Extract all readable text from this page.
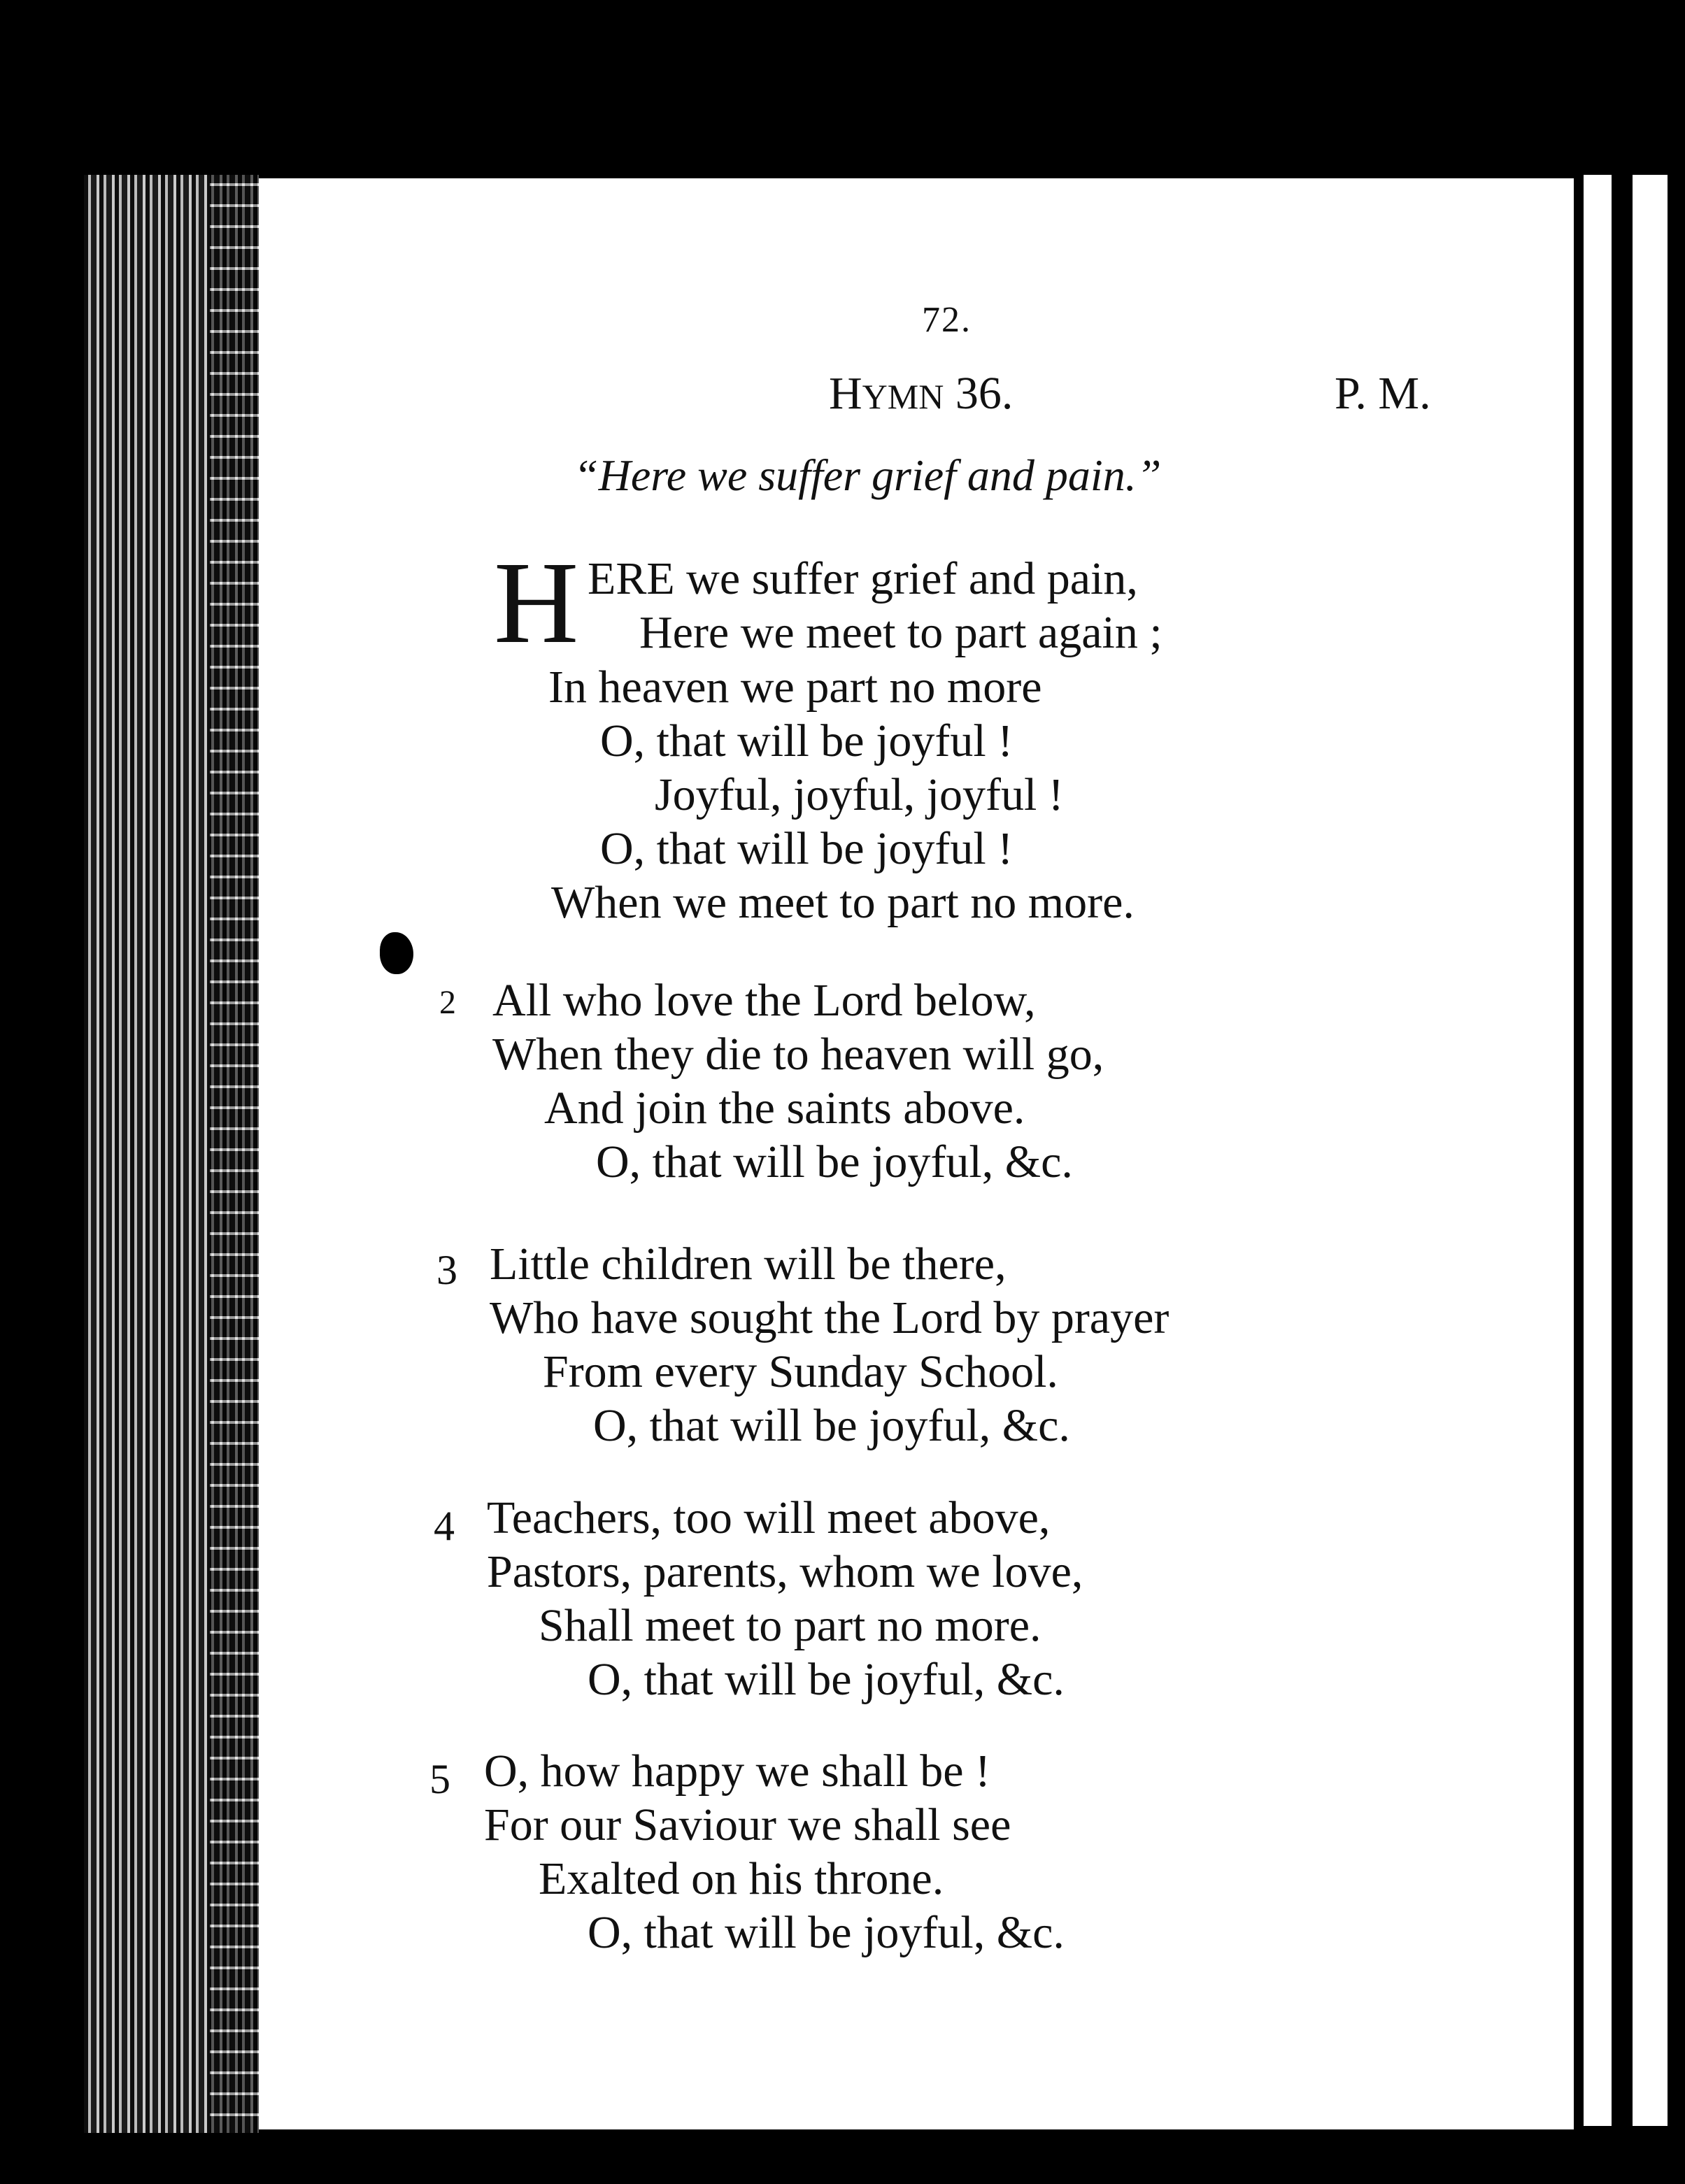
72.
HYMN 36.	P. M.
“Here we suffer grief and pain.”
H ERE we suffer grief and pain,
Here we meet to part again ;
In heaven we part no more
O, that will be joyful !
Joyful, joyful, joyful !
O, that will be joyful !
When we meet to part no more.
2 All who love the Lord below,
When they die to heaven will go,
And join the saints above.
O, that will be joyful, &c.
3 Little children will be there,
Who have sought the Lord by prayer
From every Sunday School.
O, that will be joyful, &c.
4 Teachers, too will meet above,
Pastors, parents, whom we love,
Shall meet to part no more.
O, that will be joyful, &c.
5 O, how happy we shall be !
For our Saviour we shall see
Exalted on his throne.
O, that will be joyful, &c.
